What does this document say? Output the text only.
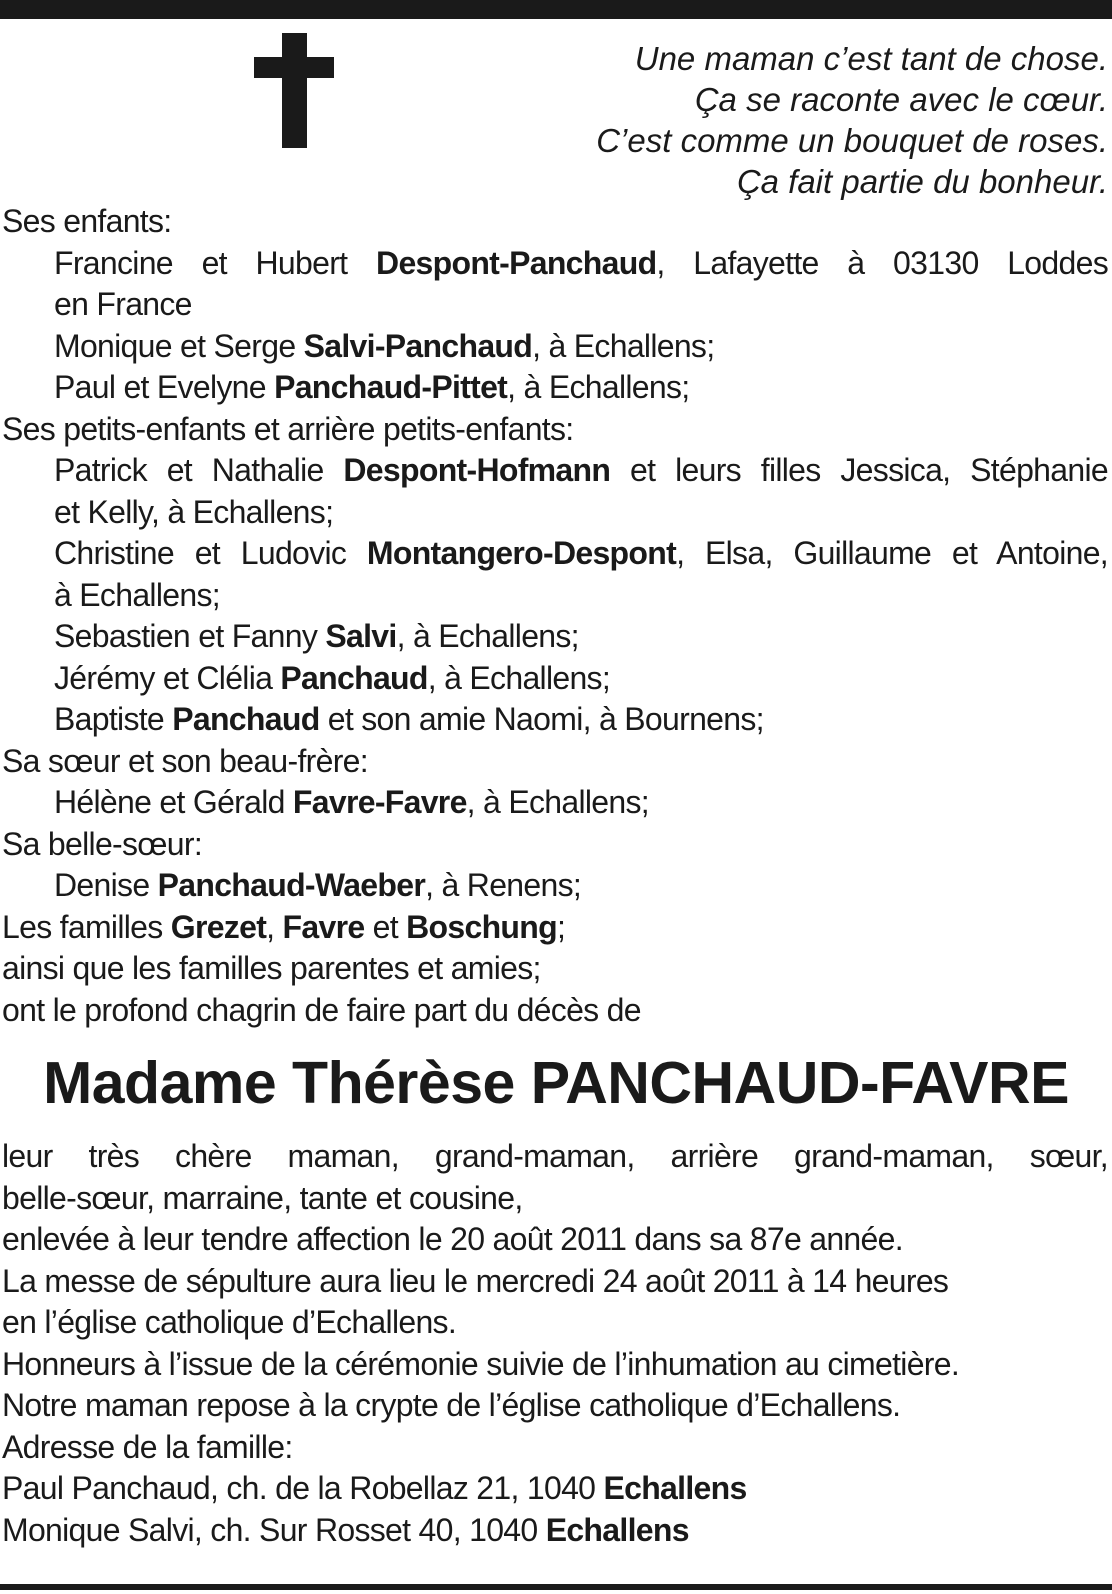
Une maman c’est tant de chose.
Ça se raconte avec le cœur.
C’est comme un bouquet de roses.
Ça fait partie du bonheur.
Ses enfants:
Francine et Hubert Despont-Panchaud, Lafayette à 03130 Loddes
en France
Monique et Serge Salvi-Panchaud, à Echallens;
Paul et Evelyne Panchaud-Pittet, à Echallens;
Ses petits-enfants et arrière petits-enfants:
Patrick et Nathalie Despont-Hofmann et leurs filles Jessica, Stéphanie
et Kelly, à Echallens;
Christine et Ludovic Montangero-Despont, Elsa, Guillaume et Antoine,
à Echallens;
Sebastien et Fanny Salvi, à Echallens;
Jérémy et Clélia Panchaud, à Echallens;
Baptiste Panchaud et son amie Naomi, à Bournens;
Sa sœur et son beau-frère:
Hélène et Gérald Favre-Favre, à Echallens;
Sa belle-sœur:
Denise Panchaud-Waeber, à Renens;
Les familles Grezet, Favre et Boschung;
ainsi que les familles parentes et amies;
ont le profond chagrin de faire part du décès de
Madame Thérèse PANCHAUD-FAVRE
leur très chère maman, grand-maman, arrière grand-maman, sœur,
belle-sœur, marraine, tante et cousine,
enlevée à leur tendre affection le 20 août 2011 dans sa 87e année.
La messe de sépulture aura lieu le mercredi 24 août 2011 à 14 heures
en l’église catholique d’Echallens.
Honneurs à l’issue de la cérémonie suivie de l’inhumation au cimetière.
Notre maman repose à la crypte de l’église catholique d’Echallens.
Adresse de la famille:
Paul Panchaud, ch. de la Robellaz 21, 1040 Echallens
Monique Salvi, ch. Sur Rosset 40, 1040 Echallens
